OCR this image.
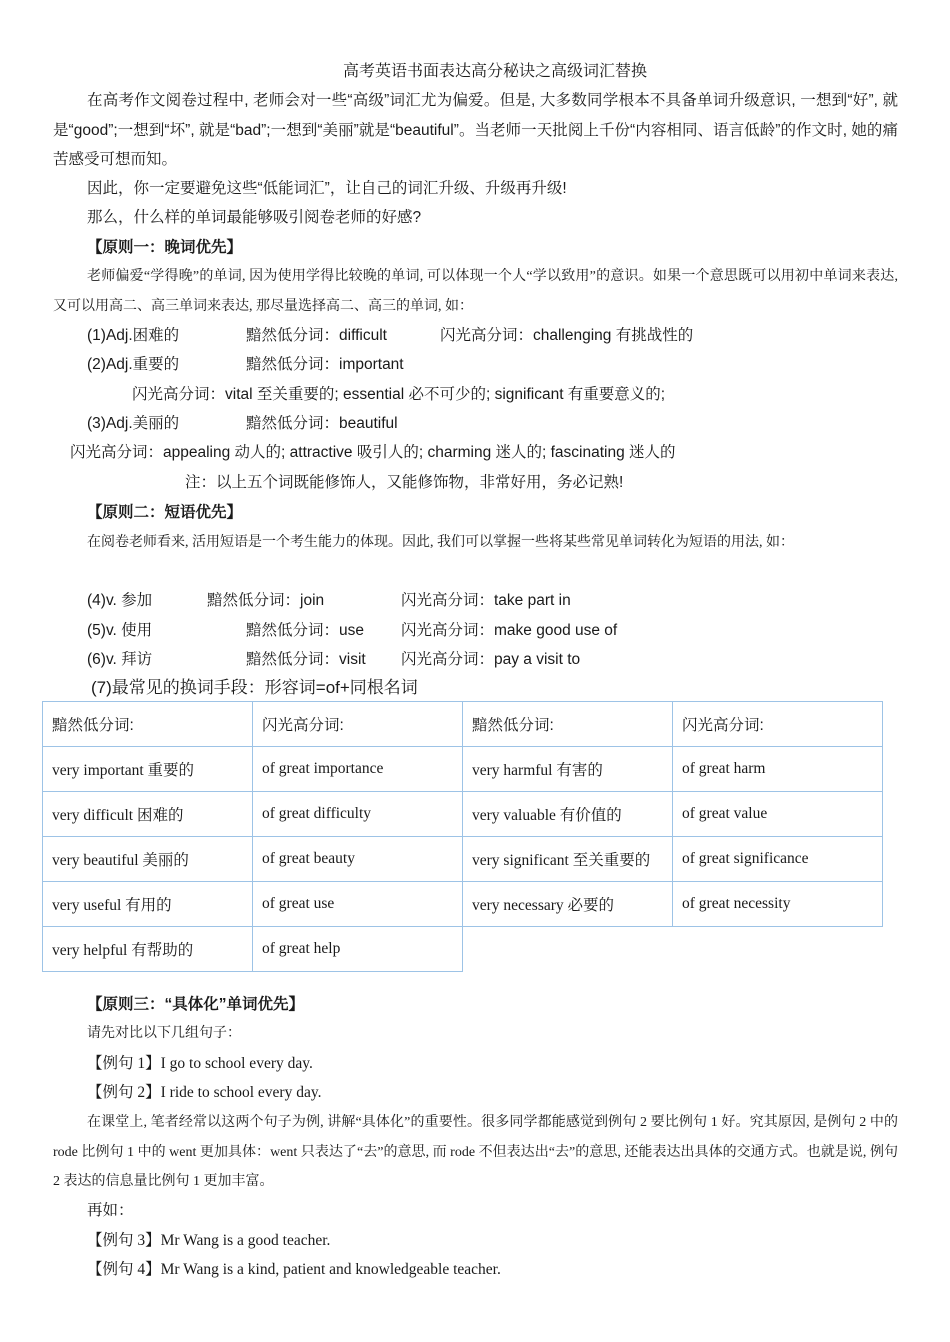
高考英语书面表达高分秘诀之高级词汇替换
在高考作文阅卷过程中, 老师会对一些“高级”词汇尤为偏爱。但是, 大多数同学根本不具备单词升级意识, 一想到“好”, 就是“good”;一想到“坏”, 就是“bad”;一想到“美丽”就是“beautiful”。当老师一天批阅上千份“内容相同、语言低龄”的作文时, 她的痛苦感受可想而知。
因此，你一定要避免这些“低能词汇”，让自己的词汇升级、升级再升级!
那么，什么样的单词最能够吸引阅卷老师的好感?
【原则一：晚词优先】
老师偏爱“学得晚”的单词, 因为使用学得比较晚的单词, 可以体现一个人“学以致用”的意识。如果一个意思既可以用初中单词来表达, 又可以用高二、高三单词来表达, 那尽量选择高二、高三的单词, 如：
(1)Adj.困难的	黯然低分词：difficult	闪光高分词：challenging 有挑战性的
(2)Adj.重要的	黯然低分词：important
闪光高分词：vital 至关重要的; essential 必不可少的; significant 有重要意义的;
(3)Adj.美丽的	黯然低分词：beautiful
闪光高分词：appealing 动人的; attractive 吸引人的; charming 迷人的; fascinating 迷人的
注：以上五个词既能修饰人，又能修饰物，非常好用，务必记熟!
【原则二：短语优先】
在阅卷老师看来, 活用短语是一个考生能力的体现。因此, 我们可以掌握一些将某些常见单词转化为短语的用法, 如：
(4)v. 参加	黯然低分词：join	闪光高分词：take part in
(5)v. 使用	黯然低分词：use 闪光高分词：make good use of
(6)v. 拜访	黯然低分词：visit 闪光高分词：pay a visit to
(7)最常见的换词手段：形容词=of+同根名词
黯然低分词:	闪光高分词:	黯然低分词:	闪光高分词:
very important 重要的	of great importance	very harmful 有害的	of great harm
very difficult 困难的	of great difficulty	very valuable 有价值的	of great value
very beautiful 美丽的	of great beauty	very significant 至关重要的	of great significance
very useful 有用的	of great use	very necessary 必要的	of great necessity
very helpful 有帮助的	of great help		
【原则三：“具体化”单词优先】
请先对比以下几组句子：
【例句 1】I go to school every day.
【例句 2】I ride to school every day.
在课堂上, 笔者经常以这两个句子为例, 讲解“具体化”的重要性。很多同学都能感觉到例句 2 要比例句 1 好。究其原因, 是例句 2 中的 rode 比例句 1 中的 went 更加具体：went 只表达了“去”的意思, 而 rode 不但表达出“去”的意思, 还能表达出具体的交通方式。也就是说, 例句 2 表达的信息量比例句 1 更加丰富。
再如：
【例句 3】Mr Wang is a good teacher.
【例句 4】Mr Wang is a kind, patient and knowledgeable teacher.
